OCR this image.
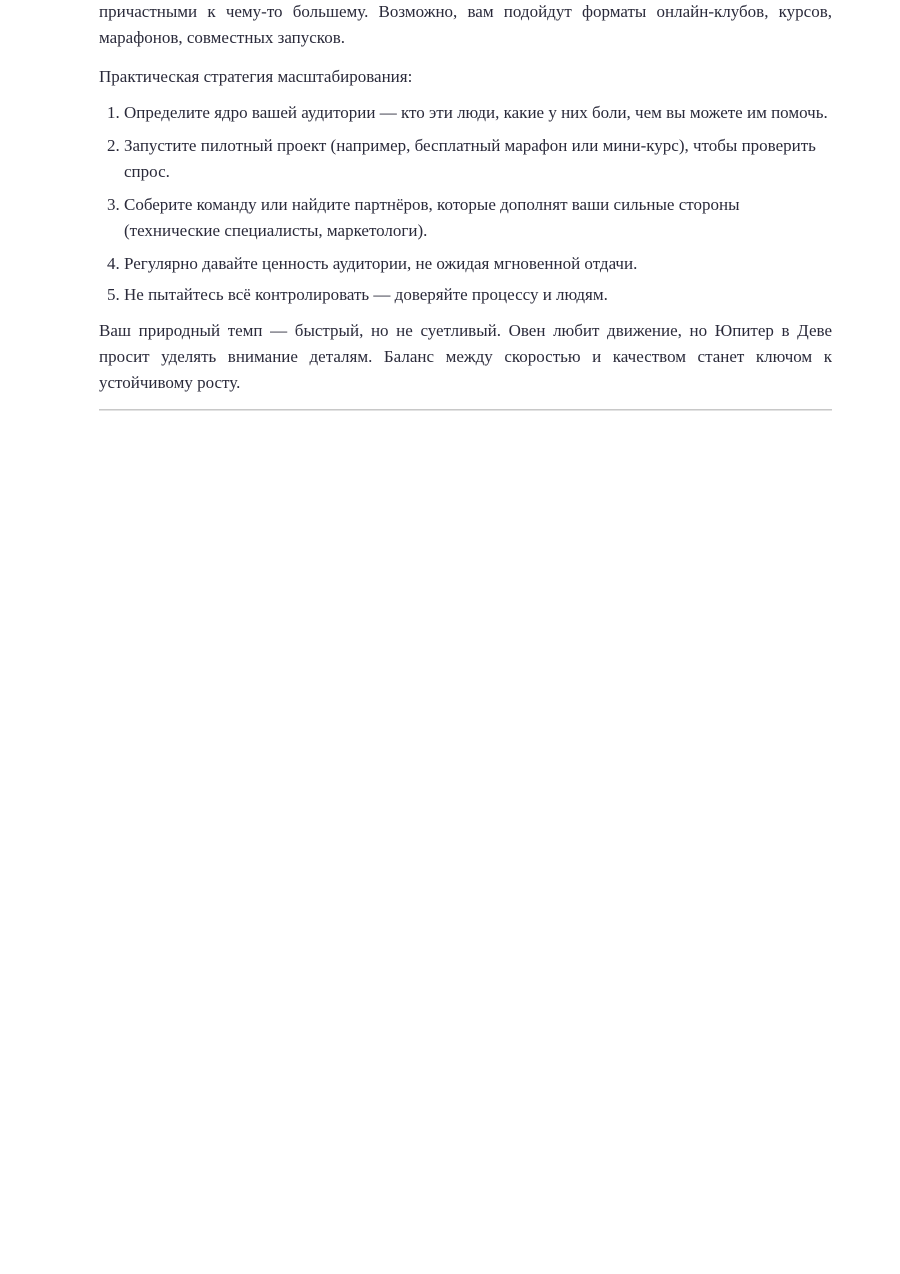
причастными к чему-то большему. Возможно, вам подойдут форматы онлайн-клубов, курсов, марафонов, совместных запусков.

Практическая стратегия масштабирования:

1. Определите ядро вашей аудитории — кто эти люди, какие у них боли, чем вы можете им помочь.
2. Запустите пилотный проект (например, бесплатный марафон или мини-курс), чтобы проверить спрос.
3. Соберите команду или найдите партнёров, которые дополнят ваши сильные стороны (технические специалисты, маркетологи).
4. Регулярно давайте ценность аудитории, не ожидая мгновенной отдачи.
5. Не пытайтесь всё контролировать — доверяйте процессу и людям.

Ваш природный темп — быстрый, но не суетливый. Овен любит движение, но Юпитер в Деве просит уделять внимание деталям. Баланс между скоростью и качеством станет ключом к устойчивому росту.
